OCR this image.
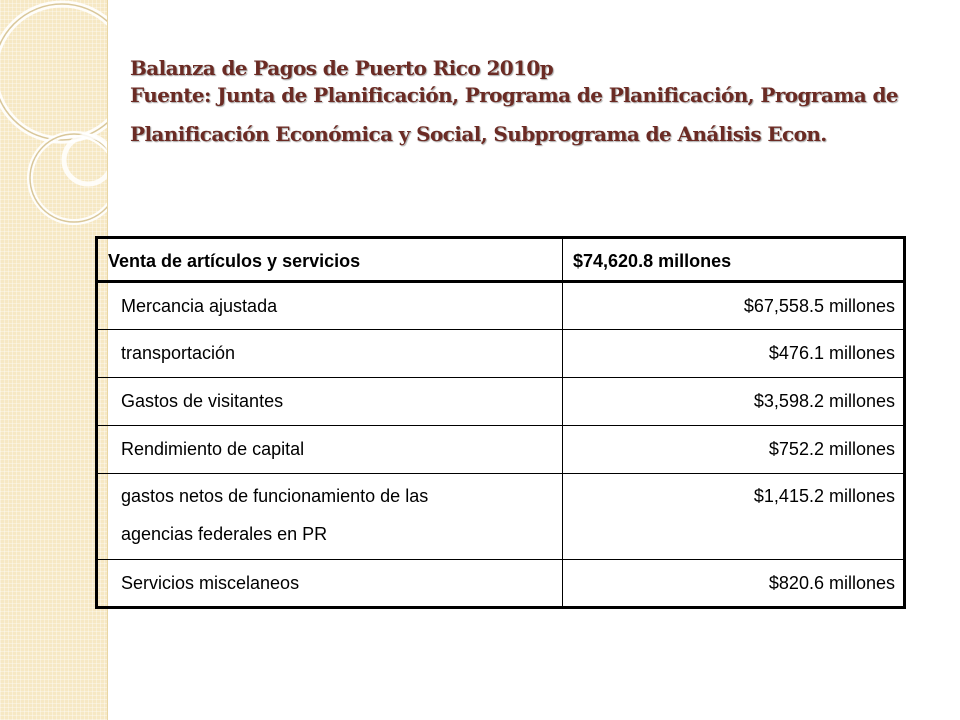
Balanza de Pagos de Puerto Rico 2010p
Fuente: Junta de Planificación, Programa de Planificación, Programa de
Planificación Económica y Social, Subprograma de Análisis Econ.
Venta de artículos y servicios	$74,620.8 millones
Mercancia ajustada	$67,558.5 millones
transportación	$476.1 millones
Gastos de visitantes	$3,598.2 millones
Rendimiento de capital	$752.2 millones

gastos netos de funcionamiento de las
agencias federales en PR	$1,415.2 millones
Servicios miscelaneos	$820.6 millones
